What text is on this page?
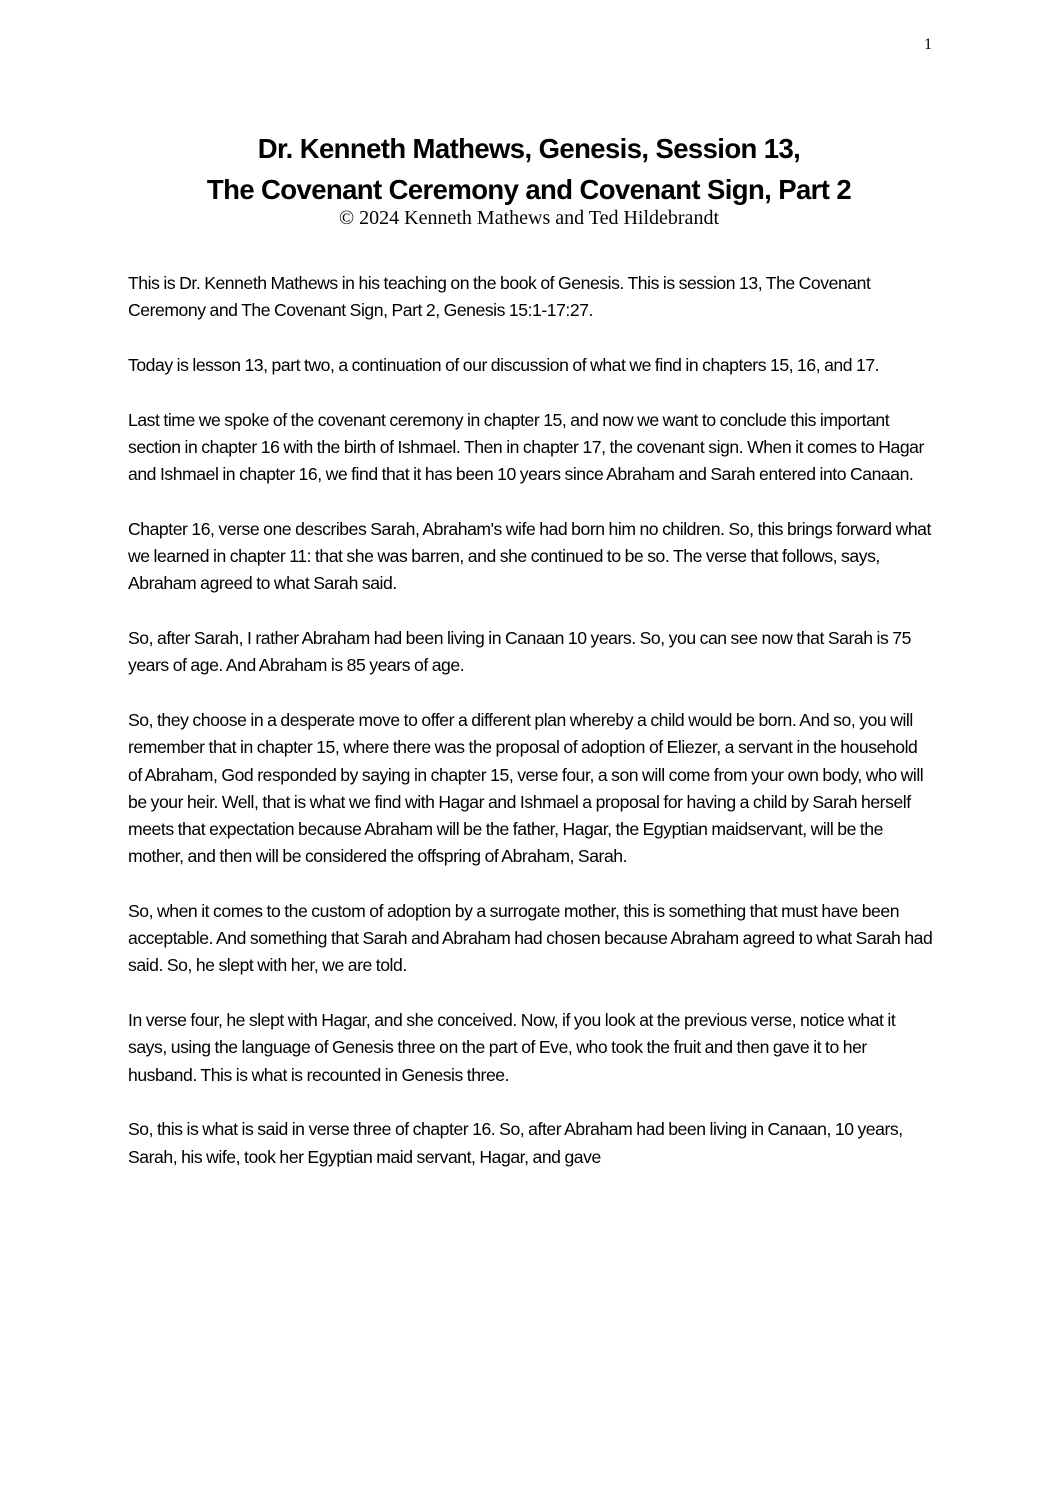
1
Dr. Kenneth Mathews, Genesis, Session 13,
The Covenant Ceremony and Covenant Sign, Part 2
© 2024 Kenneth Mathews and Ted Hildebrandt

This is Dr. Kenneth Mathews in his teaching on the book of Genesis. This is session 13, The Covenant Ceremony and The Covenant Sign, Part 2, Genesis 15:1-17:27.

Today is lesson 13, part two, a continuation of our discussion of what we find in chapters 15, 16, and 17.

Last time we spoke of the covenant ceremony in chapter 15, and now we want to conclude this important section in chapter 16 with the birth of Ishmael. Then in chapter 17, the covenant sign. When it comes to Hagar and Ishmael in chapter 16, we find that it has been 10 years since Abraham and Sarah entered into Canaan.

Chapter 16, verse one describes Sarah, Abraham's wife had born him no children. So, this brings forward what we learned in chapter 11: that she was barren, and she continued to be so. The verse that follows, says, Abraham agreed to what Sarah said.

So, after Sarah, I rather Abraham had been living in Canaan 10 years. So, you can see now that Sarah is 75 years of age. And Abraham is 85 years of age.

So, they choose in a desperate move to offer a different plan whereby a child would be born. And so, you will remember that in chapter 15, where there was the proposal of adoption of Eliezer, a servant in the household of Abraham, God responded by saying in chapter 15, verse four, a son will come from your own body, who will be your heir. Well, that is what we find with Hagar and Ishmael a proposal for having a child by Sarah herself meets that expectation because Abraham will be the father, Hagar, the Egyptian maidservant, will be the mother, and then will be considered the offspring of Abraham, Sarah.

So, when it comes to the custom of adoption by a surrogate mother, this is something that must have been acceptable. And something that Sarah and Abraham had chosen because Abraham agreed to what Sarah had said. So, he slept with her, we are told.

In verse four, he slept with Hagar, and she conceived. Now, if you look at the previous verse, notice what it says, using the language of Genesis three on the part of Eve, who took the fruit and then gave it to her husband. This is what is recounted in Genesis three.

So, this is what is said in verse three of chapter 16. So, after Abraham had been living in Canaan, 10 years, Sarah, his wife, took her Egyptian maid servant, Hagar, and gave
